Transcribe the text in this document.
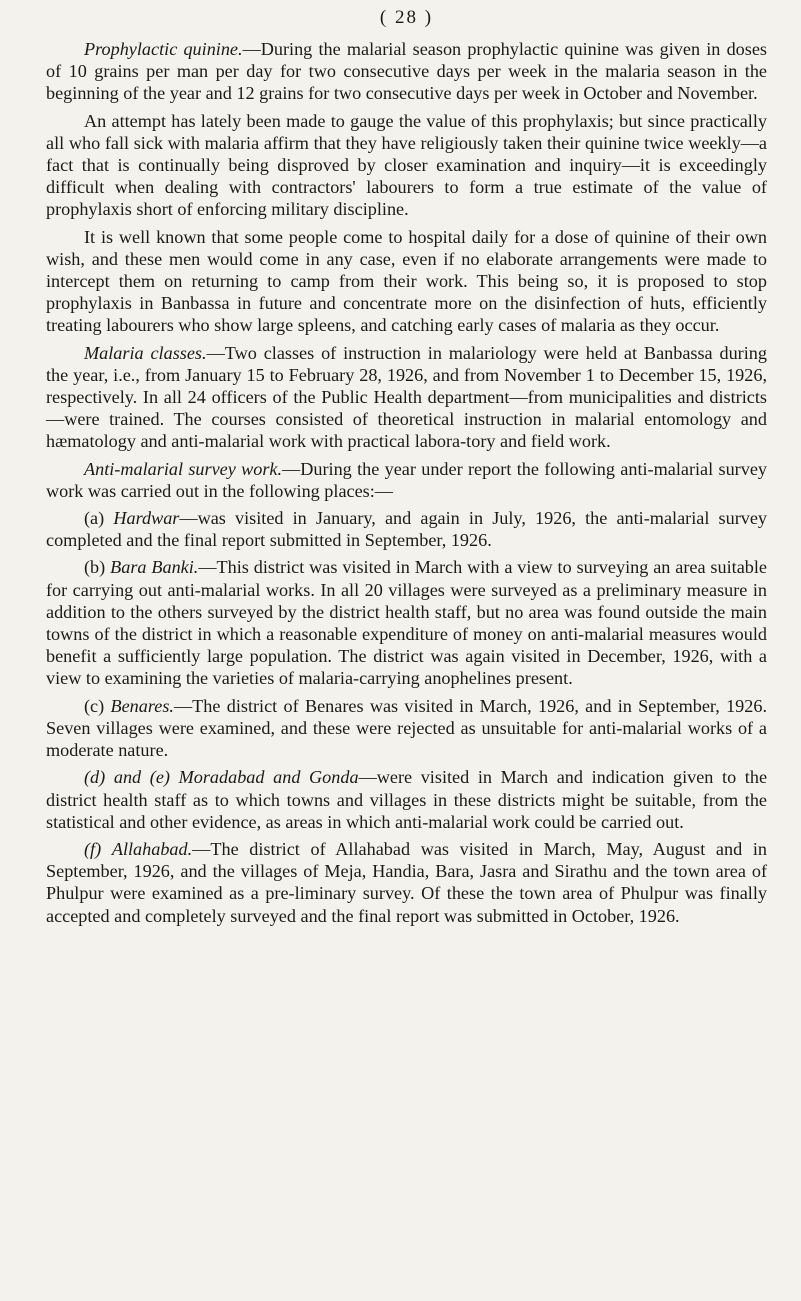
( 28 )

Prophylactic quinine.—During the malarial season prophylactic quinine was given in doses of 10 grains per man per day for two consecutive days per week in the malaria season in the beginning of the year and 12 grains for two consecutive days per week in October and November.

An attempt has lately been made to gauge the value of this prophylaxis; but since practically all who fall sick with malaria affirm that they have religiously taken their quinine twice weekly—a fact that is continually being disproved by closer examination and inquiry—it is exceedingly difficult when dealing with contractors' labourers to form a true estimate of the value of prophylaxis short of enforcing military discipline.

It is well known that some people come to hospital daily for a dose of quinine of their own wish, and these men would come in any case, even if no elaborate arrangements were made to intercept them on returning to camp from their work. This being so, it is proposed to stop prophylaxis in Banbassa in future and concentrate more on the disinfection of huts, efficiently treating labourers who show large spleens, and catching early cases of malaria as they occur.

Malaria classes.—Two classes of instruction in malariology were held at Banbassa during the year, i.e., from January 15 to February 28, 1926, and from November 1 to December 15, 1926, respectively. In all 24 officers of the Public Health department—from municipalities and districts—were trained. The courses consisted of theoretical instruction in malarial entomology and hæmatology and anti-malarial work with practical labora-tory and field work.

Anti-malarial survey work.—During the year under report the following anti-malarial survey work was carried out in the following places:—

(a) Hardwar—was visited in January, and again in July, 1926, the anti-malarial survey completed and the final report submitted in September, 1926.

(b) Bara Banki.—This district was visited in March with a view to surveying an area suitable for carrying out anti-malarial works. In all 20 villages were surveyed as a preliminary measure in addition to the others surveyed by the district health staff, but no area was found outside the main towns of the district in which a reasonable expenditure of money on anti-malarial measures would benefit a sufficiently large population. The district was again visited in December, 1926, with a view to examining the varieties of malaria-carrying anophelines present.

(c) Benares.—The district of Benares was visited in March, 1926, and in September, 1926. Seven villages were examined, and these were rejected as unsuitable for anti-malarial works of a moderate nature.

(d) and (e) Moradabad and Gonda—were visited in March and indication given to the district health staff as to which towns and villages in these districts might be suitable, from the statistical and other evidence, as areas in which anti-malarial work could be carried out.

(f) Allahabad.—The district of Allahabad was visited in March, May, August and in September, 1926, and the villages of Meja, Handia, Bara, Jasra and Sirathu and the town area of Phulpur were examined as a pre-liminary survey. Of these the town area of Phulpur was finally accepted and completely surveyed and the final report was submitted in October, 1926.
